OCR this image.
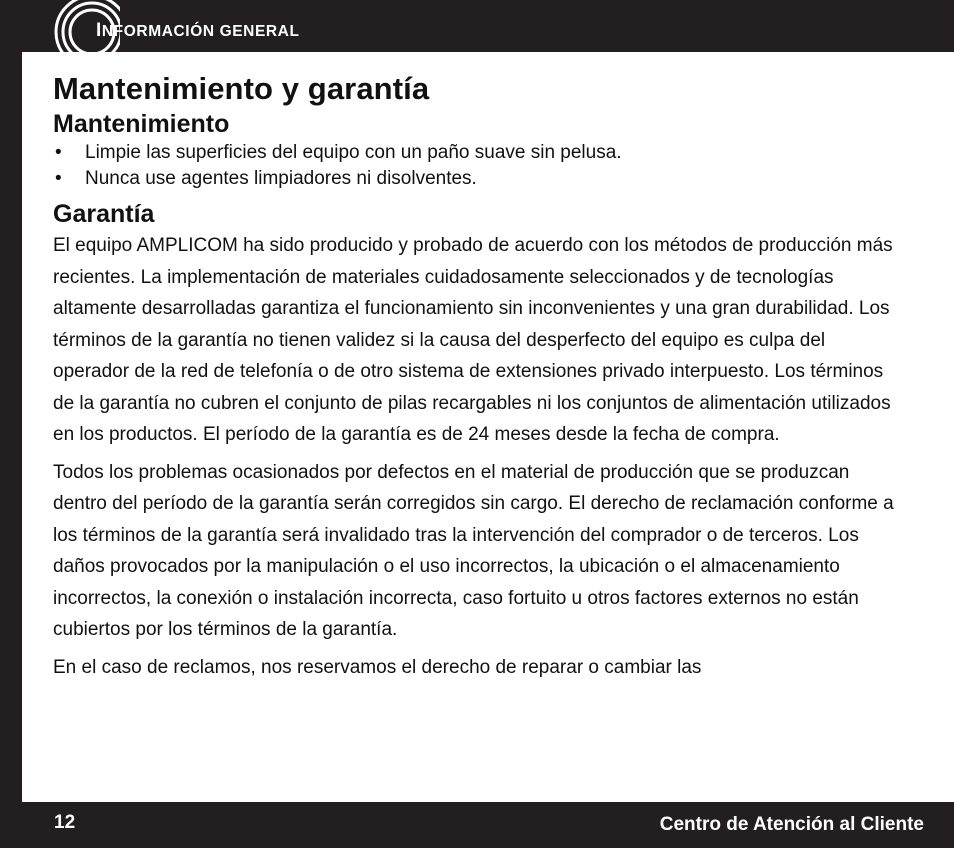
INFORMACIÓN GENERAL
Mantenimiento y garantía
Mantenimiento
• Limpie las superficies del equipo con un paño suave sin pelusa.
• Nunca use agentes limpiadores ni disolventes.
Garantía

El equipo AMPLICOM ha sido producido y probado de acuerdo con los métodos de producción más recientes. La implementación de materiales cuidadosamente seleccionados y de tecnologías altamente desarrolladas garantiza el funcionamiento sin inconvenientes y una gran durabilidad. Los términos de la garantía no tienen validez si la causa del desperfecto del equipo es culpa del operador de la red de telefonía o de otro sistema de extensiones privado interpuesto. Los términos de la garantía no cubren el conjunto de pilas recargables ni los conjuntos de alimentación utilizados en los productos. El período de la garantía es de 24 meses desde la fecha de compra.

Todos los problemas ocasionados por defectos en el material de producción que se produzcan dentro del período de la garantía serán corregidos sin cargo. El derecho de reclamación conforme a los términos de la garantía será invalidado tras la intervención del comprador o de terceros. Los daños provocados por la manipulación o el uso incorrectos, la ubicación o el almacenamiento incorrectos, la conexión o instalación incorrecta, caso fortuito u otros factores externos no están cubiertos por los términos de la garantía.

En el caso de reclamos, nos reservamos el derecho de reparar o cambiar las

12	Centro de Atención al Cliente
